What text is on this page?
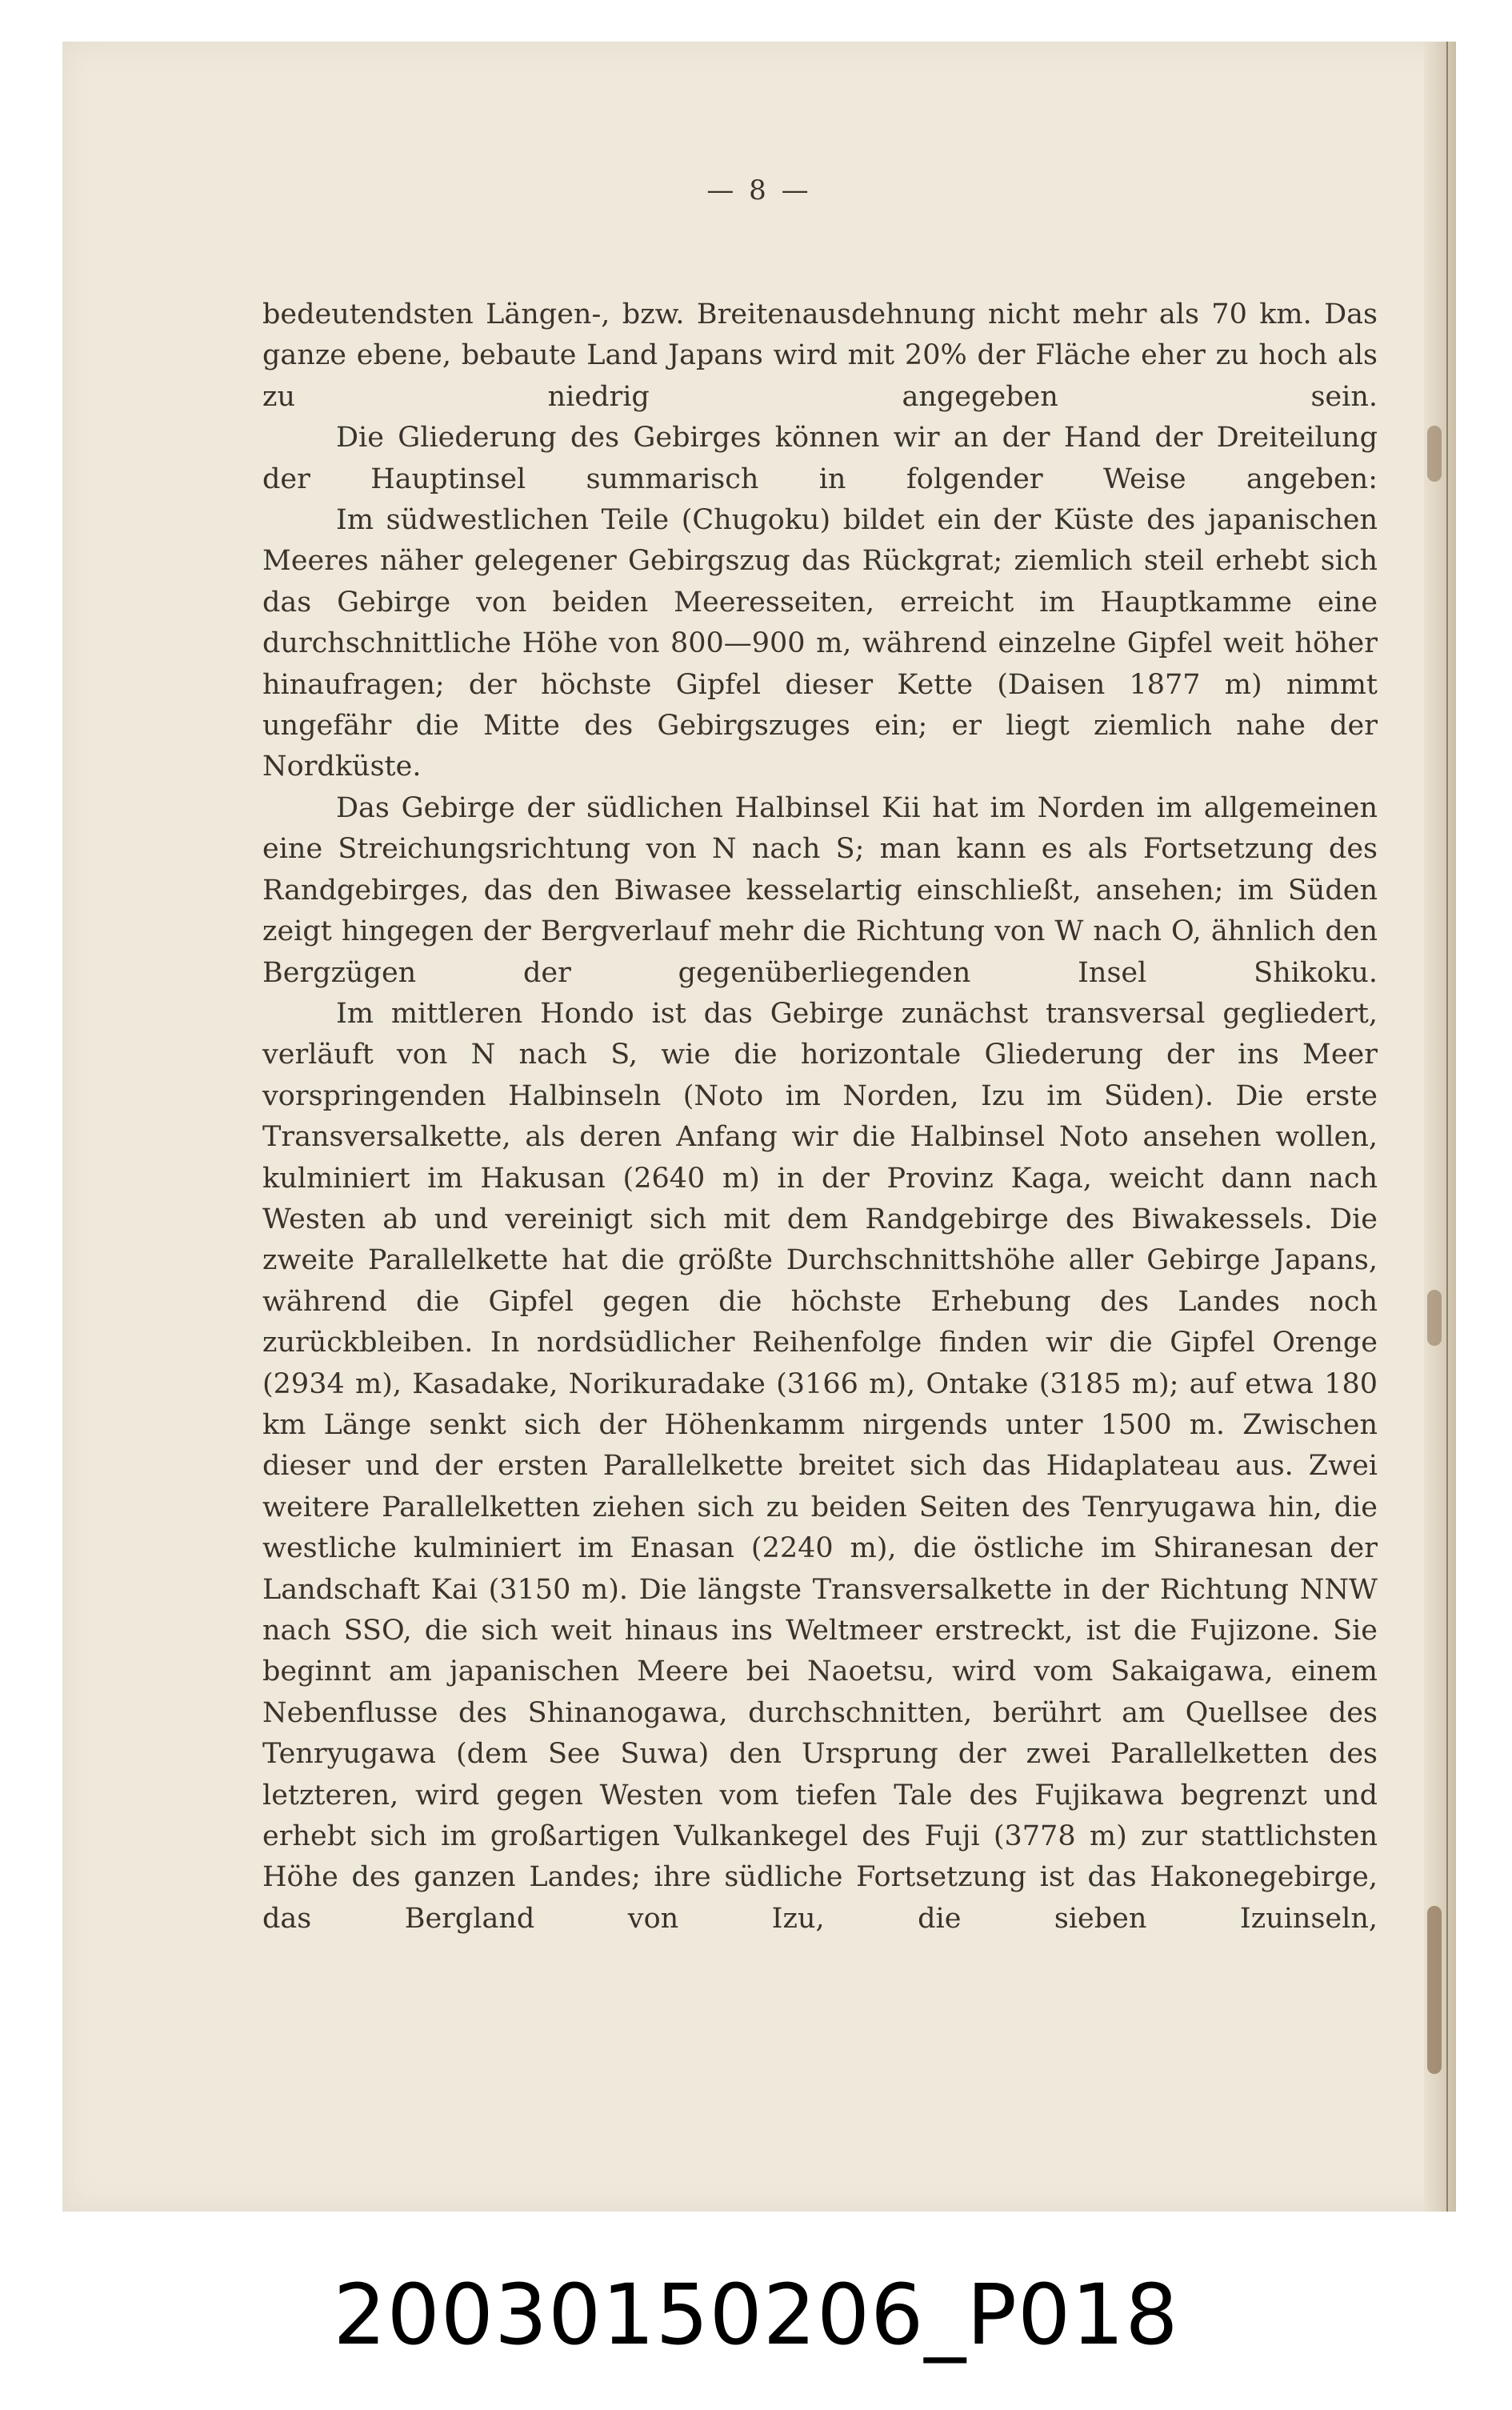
— 8 —

bedeutendsten Längen-, bzw. Breitenausdehnung nicht mehr als 70 km. Das ganze ebene, bebaute Land Japans wird mit 20% der Fläche eher zu hoch als zu niedrig angegeben sein.

Die Gliederung des Gebirges können wir an der Hand der Dreiteilung der Hauptinsel summarisch in folgender Weise angeben:

Im südwestlichen Teile (Chugoku) bildet ein der Küste des japanischen Meeres näher gelegener Gebirgszug das Rückgrat; ziemlich steil erhebt sich das Gebirge von beiden Meeresseiten, erreicht im Hauptkamme eine durchschnittliche Höhe von 800—900 m, während einzelne Gipfel weit höher hinaufragen; der höchste Gipfel dieser Kette (Daisen 1877 m) nimmt ungefähr die Mitte des Gebirgszuges ein; er liegt ziemlich nahe der Nordküste.

Das Gebirge der südlichen Halbinsel Kii hat im Norden im allgemeinen eine Streichungsrichtung von N nach S; man kann es als Fortsetzung des Randgebirges, das den Biwasee kesselartig einschließt, ansehen; im Süden zeigt hingegen der Bergverlauf mehr die Richtung von W nach O, ähnlich den Bergzügen der gegenüberliegenden Insel Shikoku.

Im mittleren Hondo ist das Gebirge zunächst transversal gegliedert, verläuft von N nach S, wie die horizontale Gliederung der ins Meer vorspringenden Halbinseln (Noto im Norden, Izu im Süden). Die erste Transversalkette, als deren Anfang wir die Halbinsel Noto ansehen wollen, kulminiert im Hakusan (2640 m) in der Provinz Kaga, weicht dann nach Westen ab und vereinigt sich mit dem Randgebirge des Biwakessels. Die zweite Parallelkette hat die größte Durchschnittshöhe aller Gebirge Japans, während die Gipfel gegen die höchste Erhebung des Landes noch zurückbleiben. In nordsüdlicher Reihenfolge finden wir die Gipfel Orenge (2934 m), Kasadake, Norikuradake (3166 m), Ontake (3185 m); auf etwa 180 km Länge senkt sich der Höhenkamm nirgends unter 1500 m. Zwischen dieser und der ersten Parallelkette breitet sich das Hidaplateau aus. Zwei weitere Parallelketten ziehen sich zu beiden Seiten des Tenryugawa hin, die westliche kulminiert im Enasan (2240 m), die östliche im Shiranesan der Landschaft Kai (3150 m). Die längste Transversalkette in der Richtung NNW nach SSO, die sich weit hinaus ins Weltmeer erstreckt, ist die Fujizone. Sie beginnt am japanischen Meere bei Naoetsu, wird vom Sakaigawa, einem Nebenflusse des Shinanogawa, durchschnitten, berührt am Quellsee des Tenryugawa (dem See Suwa) den Ursprung der zwei Parallelketten des letzteren, wird gegen Westen vom tiefen Tale des Fujikawa begrenzt und erhebt sich im großartigen Vulkankegel des Fuji (3778 m) zur stattlichsten Höhe des ganzen Landes; ihre südliche Fortsetzung ist das Hakonegebirge, das Bergland von Izu, die sieben Izuinseln,

20030150206_P018
